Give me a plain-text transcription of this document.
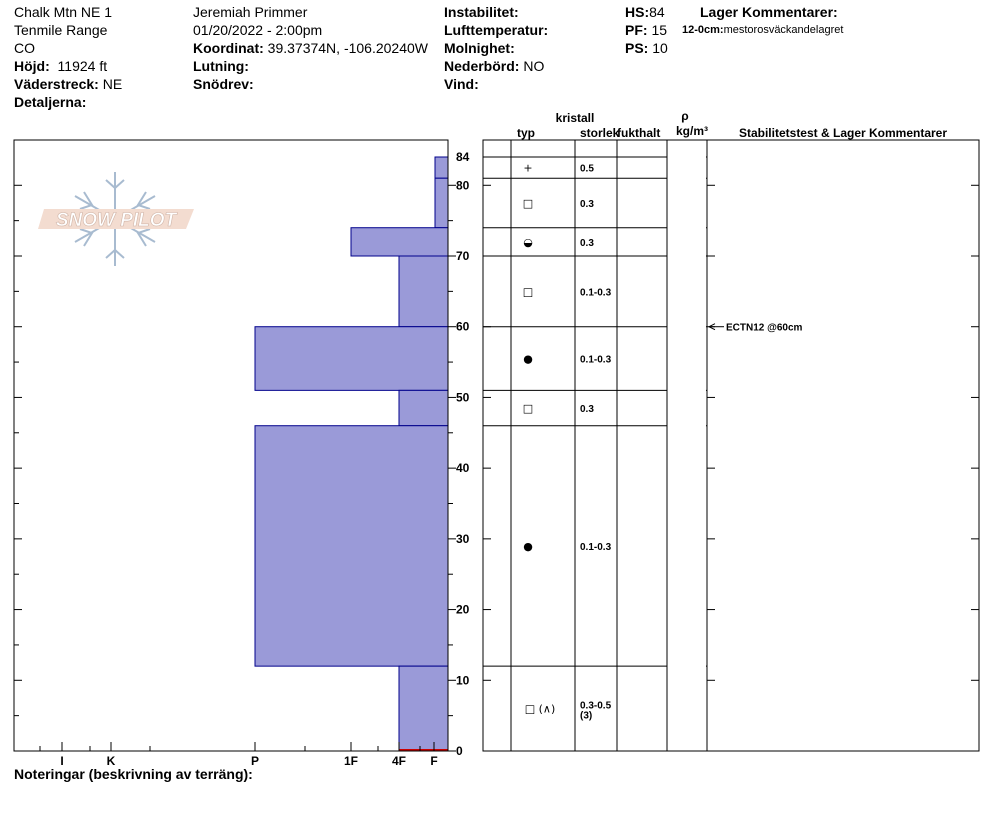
Chalk Mtn NE 1
Tenmile Range
CO
Höjd: 11924 ft
Väderstreck: NE
Detaljerna:
Jeremiah Primmer
01/20/2022 - 2:00pm
Koordinat: 39.37374N, -106.20240W
Lutning:
Snödrev:
Instabilitet:
Lufttemperatur:
Molnighet:
Nederbörd: NO
Vind:
HS:84
PF: 15
PS: 10
Lager Kommentarer:
12-0cm:mestorosväckandelagret
Noteringar (beskrivning av terräng):
SNOW PILOT
0
10
20
30
40
50
60
70
80
84
I	K	P	1F	4F F
+	0.5
□	0.3
◒	0.3
□	0.1-0.3
●	0.1-0.3
□	0.3
●	0.1-0.3
□ (∧) 0.3-0.5
(3)
ECTN12 @60cm
kristall
typ	storlek
fukthalt
ρ
kg/m³	Stabilitetstest & Lager Kommentarer
